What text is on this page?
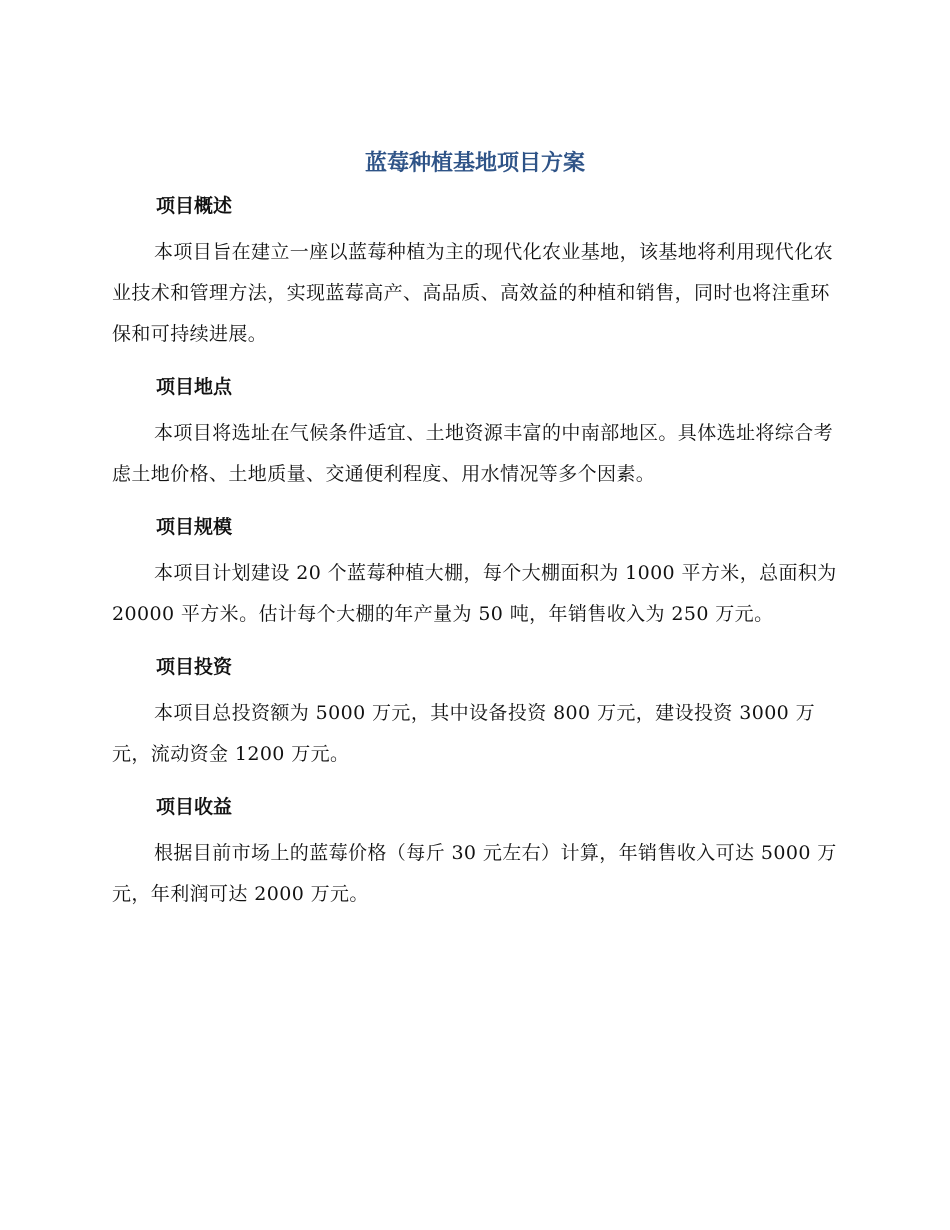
蓝莓种植基地项目方案
项目概述

本项目旨在建立一座以蓝莓种植为主的现代化农业基地，该基地将利用现代化农业技术和管理方法，实现蓝莓高产、高品质、高效益的种植和销售，同时也将注重环保和可持续进展。

项目地点

本项目将选址在气候条件适宜、土地资源丰富的中南部地区。具体选址将综合考虑土地价格、土地质量、交通便利程度、用水情况等多个因素。

项目规模

本项目计划建设 20 个蓝莓种植大棚，每个大棚面积为 1000 平方米，总面积为 20000 平方米。估计每个大棚的年产量为 50 吨，年销售收入为 250 万元。

项目投资

本项目总投资额为 5000 万元，其中设备投资 800 万元，建设投资 3000 万元，流动资金 1200 万元。

项目收益

根据目前市场上的蓝莓价格（每斤 30 元左右）计算，年销售收入可达 5000 万元，年利润可达 2000 万元。
